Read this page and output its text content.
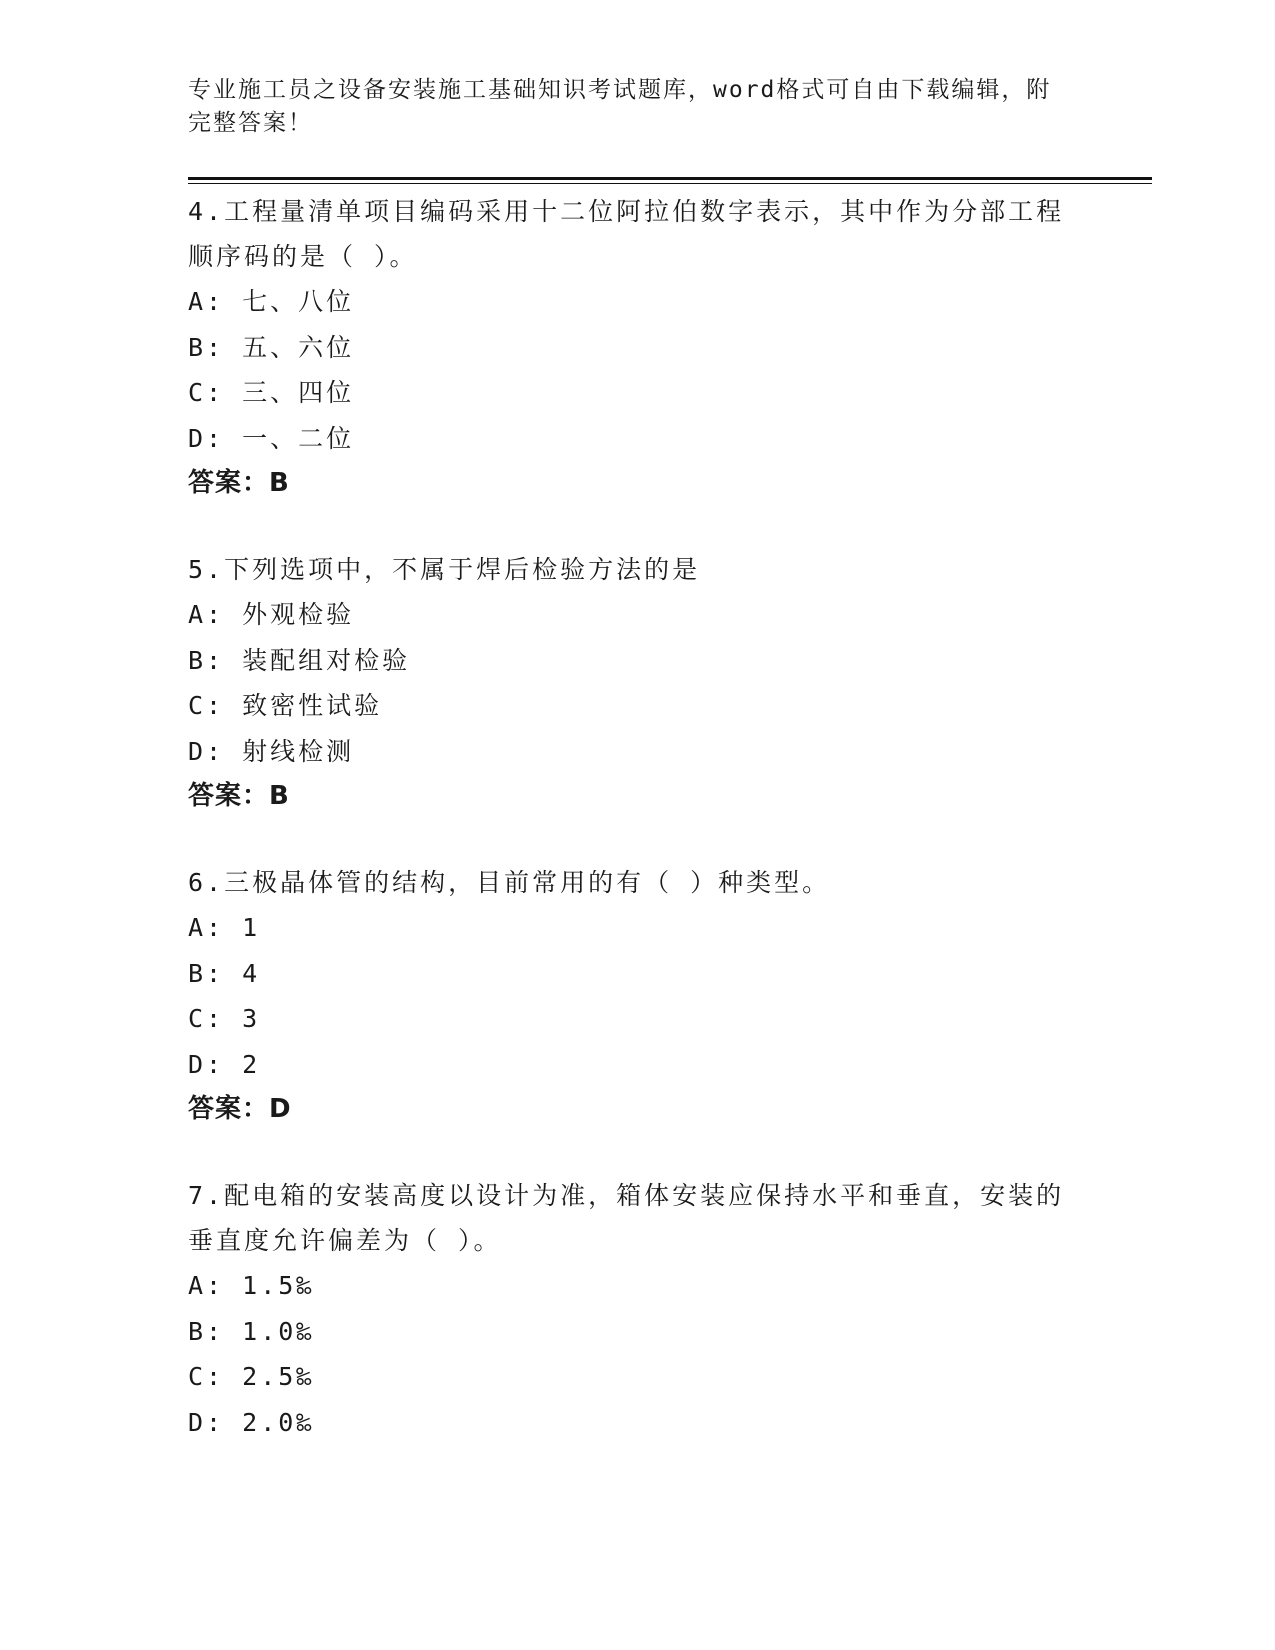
专业施工员之设备安装施工基础知识考试题库，word格式可自由下载编辑，附完整答案！
4.工程量清单项目编码采用十二位阿拉伯数字表示，其中作为分部工程顺序码的是（ ）。
A: 七、八位
B: 五、六位
C: 三、四位
D: 一、二位
答案：B
5.下列选项中，不属于焊后检验方法的是
A: 外观检验
B: 装配组对检验
C: 致密性试验
D: 射线检测
答案：B
6.三极晶体管的结构，目前常用的有（ ）种类型。
A: 1
B: 4
C: 3
D: 2
答案：D
7.配电箱的安装高度以设计为准，箱体安装应保持水平和垂直，安装的垂直度允许偏差为（ ）。
A: 1.5‰
B: 1.0‰
C: 2.5‰
D: 2.0‰
